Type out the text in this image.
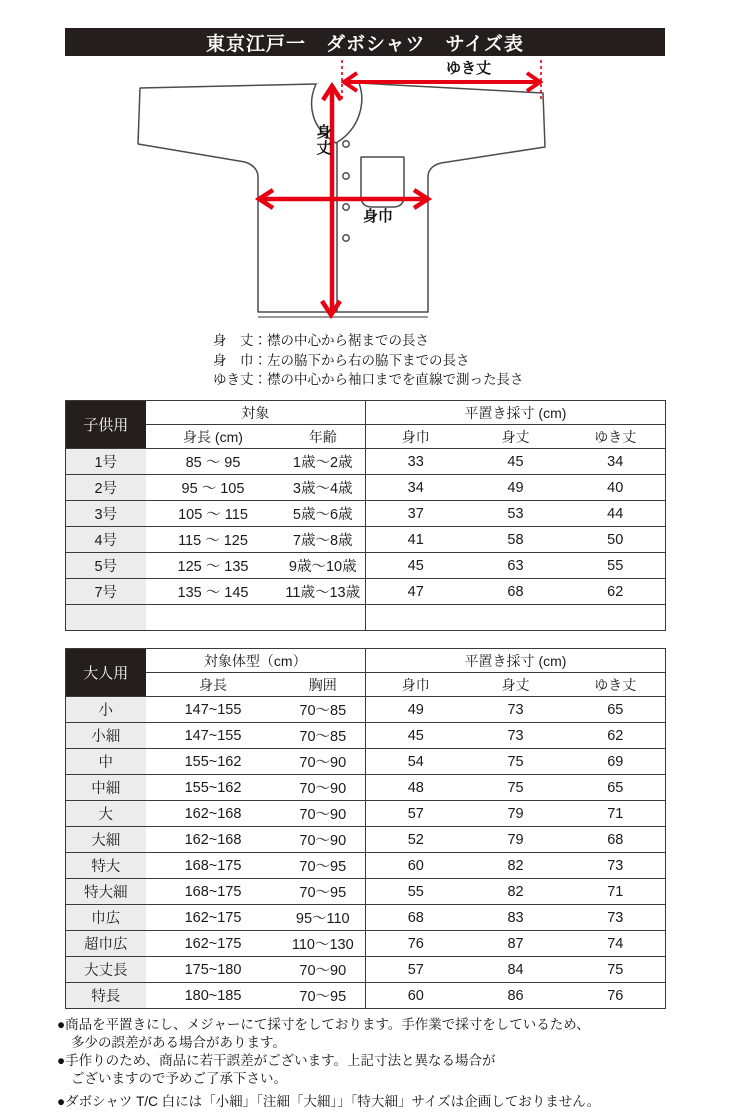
東京江戸一　ダボシャツ　サイズ表
ゆき丈
身丈
身巾
身　丈：襟の中心から裾までの長さ
身　巾：左の脇下から右の脇下までの長さ
ゆき丈：襟の中心から袖口までを直線で測った長さ
子供用	対象		平置き採寸 (cm)		
	身長 (cm)	年齢	身巾	身丈	ゆき丈
1号	85 〜 95	1歳〜2歳	33	45	34
2号	95 〜 105	3歳〜4歳	34	49	40
3号	105 〜 115	5歳〜6歳	37	53	44
4号	115 〜 125	7歳〜8歳	41	58	50
5号	125 〜 135	9歳〜10歳	45	63	55
7号	135 〜 145	11歳〜13歳	47	68	62

大人用	対象体型（cm）		平置き採寸 (cm)		
	身長	胸囲	身巾	身丈	ゆき丈
小	147~155	70〜85	49	73	65
小細	147~155	70〜85	45	73	62
中	155~162	70〜90	54	75	69
中細	155~162	70〜90	48	75	65
大	162~168	70〜90	57	79	71
大細	162~168	70〜90	52	79	68
特大	168~175	70〜95	60	82	73
特大細	168~175	70〜95	55	82	71
巾広	162~175	95〜110	68	83	73
超巾広	162~175	110〜130	76	87	74
大丈長	175~180	70〜90	57	84	75
特長	180~185	70〜95	60	86	76
●商品を平置きにし、メジャーにて採寸をしております。手作業で採寸をしているため、
多少の誤差がある場合があります。
●手作りのため、商品に若干誤差がございます。上記寸法と異なる場合が
ございますので予めご了承下さい。
●ダボシャツ T/C 白には「小細」「注細「大細」」「特大細」サイズは企画しておりません。
